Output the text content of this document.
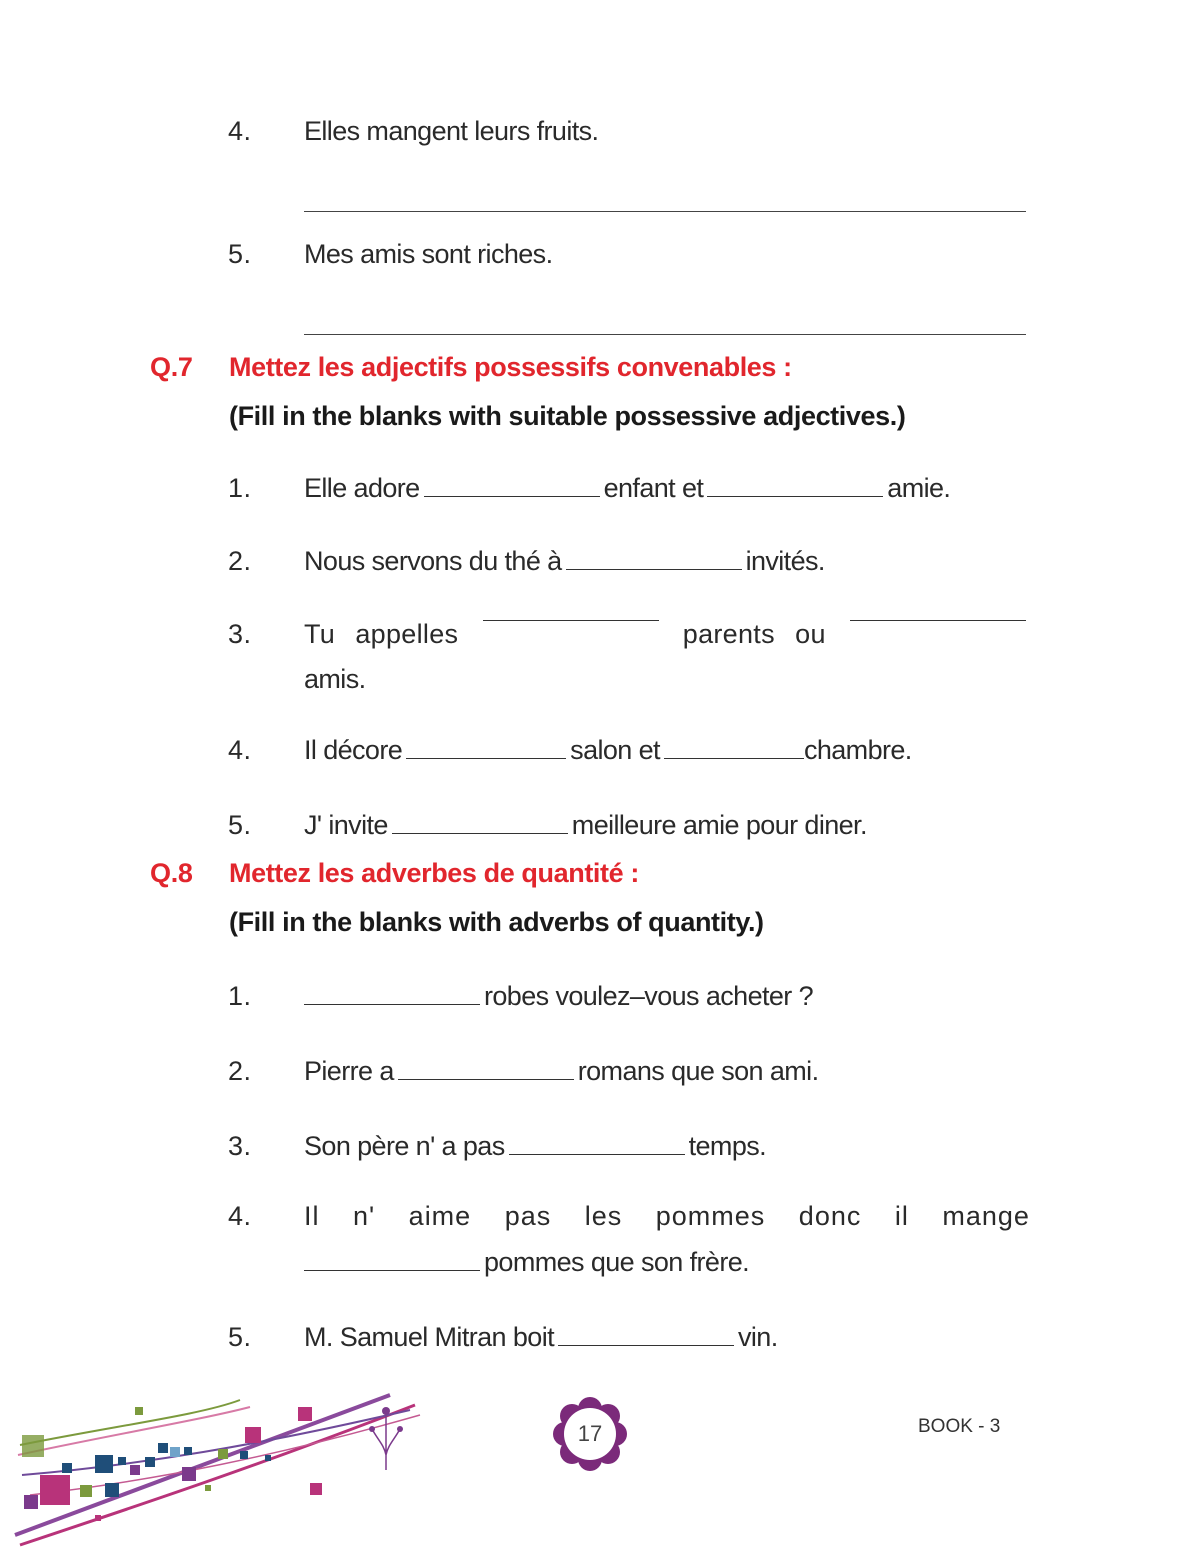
4. Elles mangent leurs fruits.
5. Mes amis sont riches.
Q.7 Mettez les adjectifs possessifs convenables :
(Fill in the blanks with suitable possessive adjectives.)
1. Elle adore	enfant et	amie.
2. Nous servons du thé à	invités.
3. Tu appelles	parents ou
amis.
4. Il décore	salon et	chambre.
5. J' invite	meilleure amie pour diner.
Q.8 Mettez les adverbes de quantité :
(Fill in the blanks with adverbs of quantity.)
1.	robes voulez–vous acheter ?
2. Pierre a	romans que son ami.
3. Son père n' a pas	temps.
4. Il n' aime pas les pommes donc il mange
pommes que son frère.
5. M. Samuel Mitran boit	vin.
17	BOOK - 3
